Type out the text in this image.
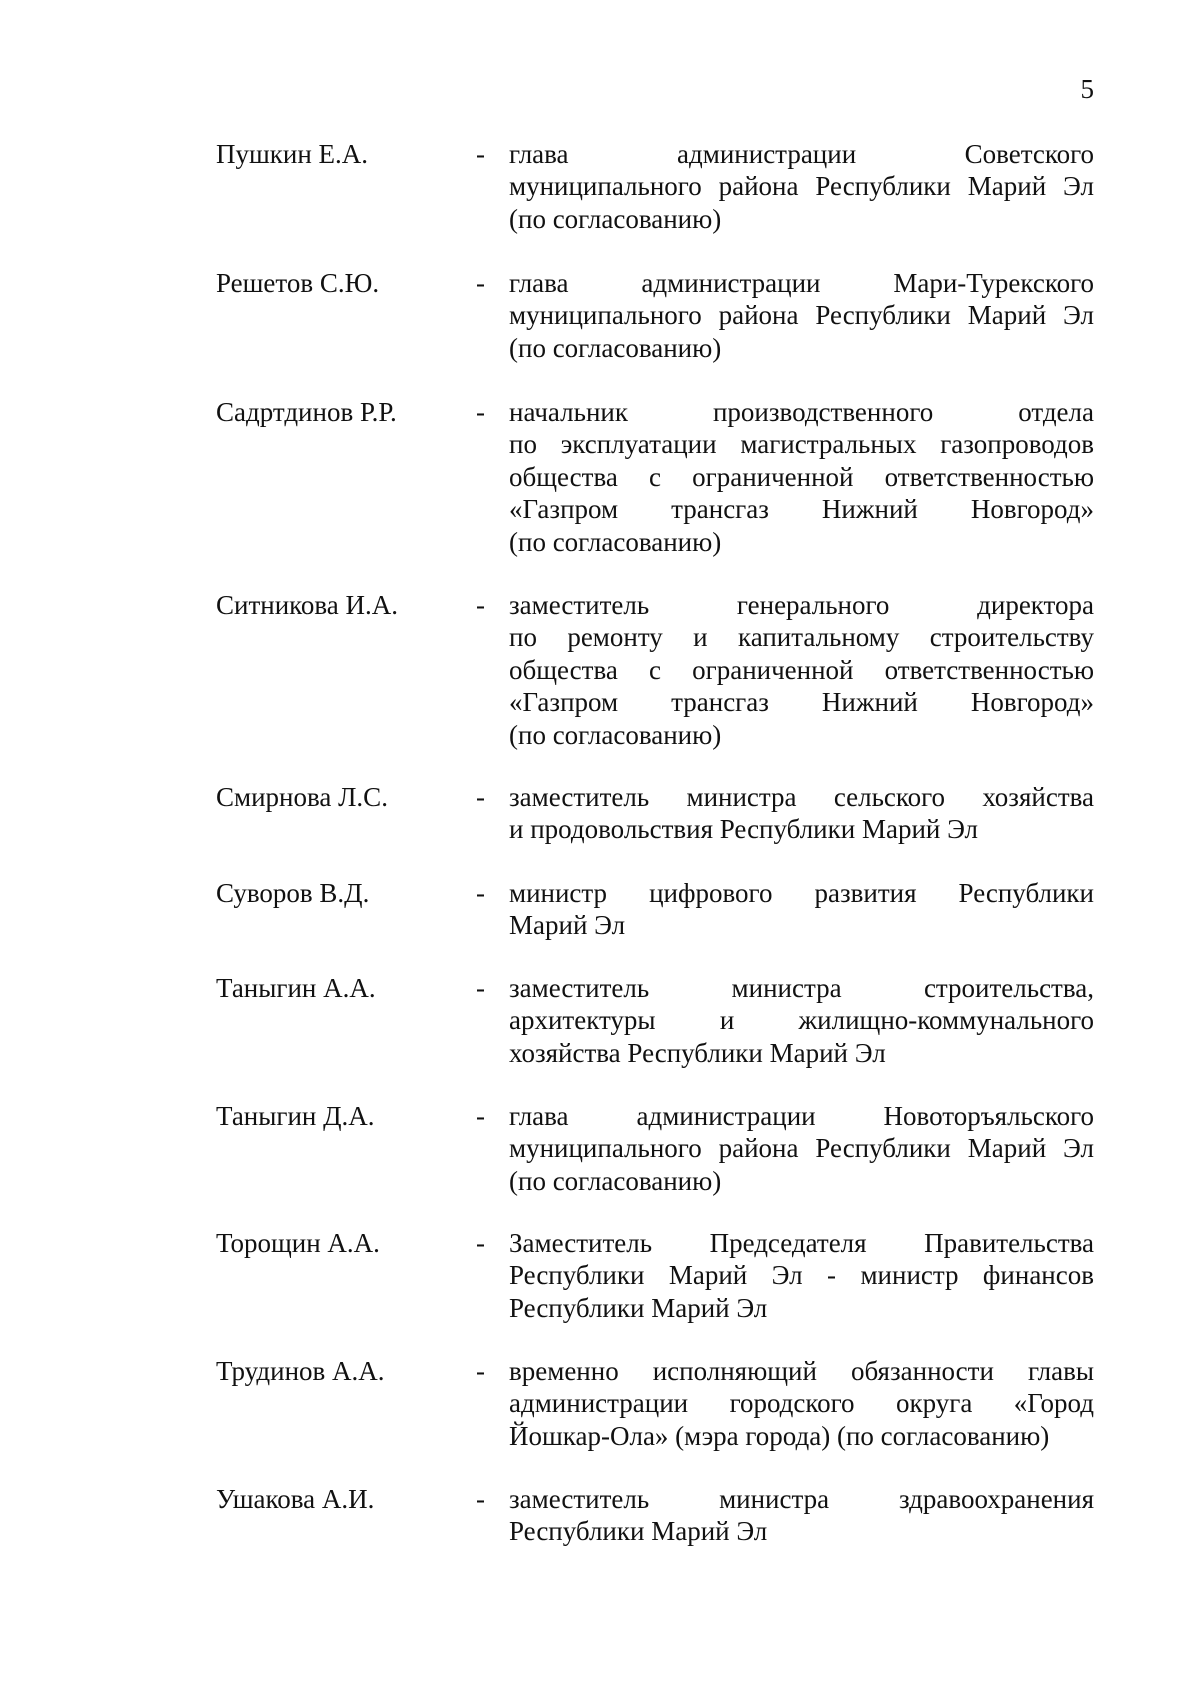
5
Пушкин Е.А.	- глава администрации Советского
муниципального района Республики Марий Эл
(по согласованию)
Решетов С.Ю.	- глава администрации Мари-Турекского
муниципального района Республики Марий Эл
(по согласованию)
Садртдинов Р.Р.	- начальник производственного отдела
по эксплуатации магистральных газопроводов
общества с ограниченной ответственностью
«Газпром трансгаз Нижний Новгород»
(по согласованию)
Ситникова И.А.	- заместитель генерального директора
по ремонту и капитальному строительству
общества с ограниченной ответственностью
«Газпром трансгаз Нижний Новгород»
(по согласованию)
Смирнова Л.С.	- заместитель министра сельского хозяйства
и продовольствия Республики Марий Эл
Суворов В.Д.	- министр цифрового развития Республики
Марий Эл
Таныгин А.А.	- заместитель министра строительства,
архитектуры и жилищно-коммунального
хозяйства Республики Марий Эл
Таныгин Д.А.	- глава администрации Новоторъяльского
муниципального района Республики Марий Эл
(по согласованию)
Торощин А.А.	- Заместитель Председателя Правительства
Республики Марий Эл - министр финансов
Республики Марий Эл
Трудинов А.А.	- временно исполняющий обязанности главы
администрации городского округа «Город
Йошкар-Ола» (мэра города) (по согласованию)
Ушакова А.И.	- заместитель министра здравоохранения
Республики Марий Эл
